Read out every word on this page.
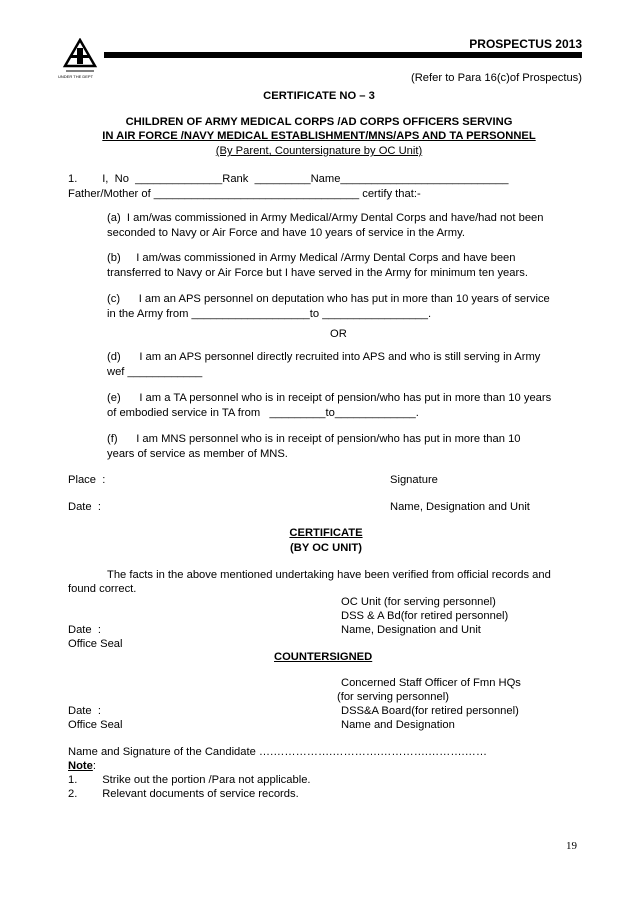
UNDER THE DEPT
PROSPECTUS 2013
(Refer to Para 16(c)of Prospectus)
CERTIFICATE NO – 3
CHILDREN OF ARMY MEDICAL CORPS /AD CORPS OFFICERS SERVING
IN AIR FORCE /NAVY MEDICAL ESTABLISHMENT/MNS/APS AND TA PERSONNEL
(By Parent, Countersignature by OC Unit)
1.        I,  No  ______________Rank  _________Name___________________________
Father/Mother of _________________________________ certify that:-
(a)  I am/was commissioned in Army Medical/Army Dental Corps and have/had not been
seconded to Navy or Air Force and have 10 years of service in the Army.
(b)     I am/was commissioned in Army Medical /Army Dental Corps and have been
transferred to Navy or Air Force but I have served in the Army for minimum ten years.
(c)      I am an APS personnel on deputation who has put in more than 10 years of service
in the Army from ___________________to _________________.
OR
(d)      I am an APS personnel directly recruited into APS and who is still serving in Army
wef ____________
(e)      I am a TA personnel who is in receipt of pension/who has put in more than 10 years
of embodied service in TA from   _________to_____________.
(f)      I am MNS personnel who is in receipt of pension/who has put in more than 10
years of service as member of MNS.
Place  :	Signature
Date  :	Name, Designation and Unit
CERTIFICATE
(BY OC UNIT)
The facts in the above mentioned undertaking have been verified from official records and
found correct.
OC Unit (for serving personnel)
DSS & A Bd(for retired personnel)
Date  :	Name, Designation and Unit
Office Seal
COUNTERSIGNED
Concerned Staff Officer of Fmn HQs
(for serving personnel)
Date  :	DSS&A Board(for retired personnel)
Office Seal	Name and Designation
Name and Signature of the Candidate ….…………….………….………….……….……
Note:
1.        Strike out the portion /Para not applicable.
2.        Relevant documents of service records.
19
